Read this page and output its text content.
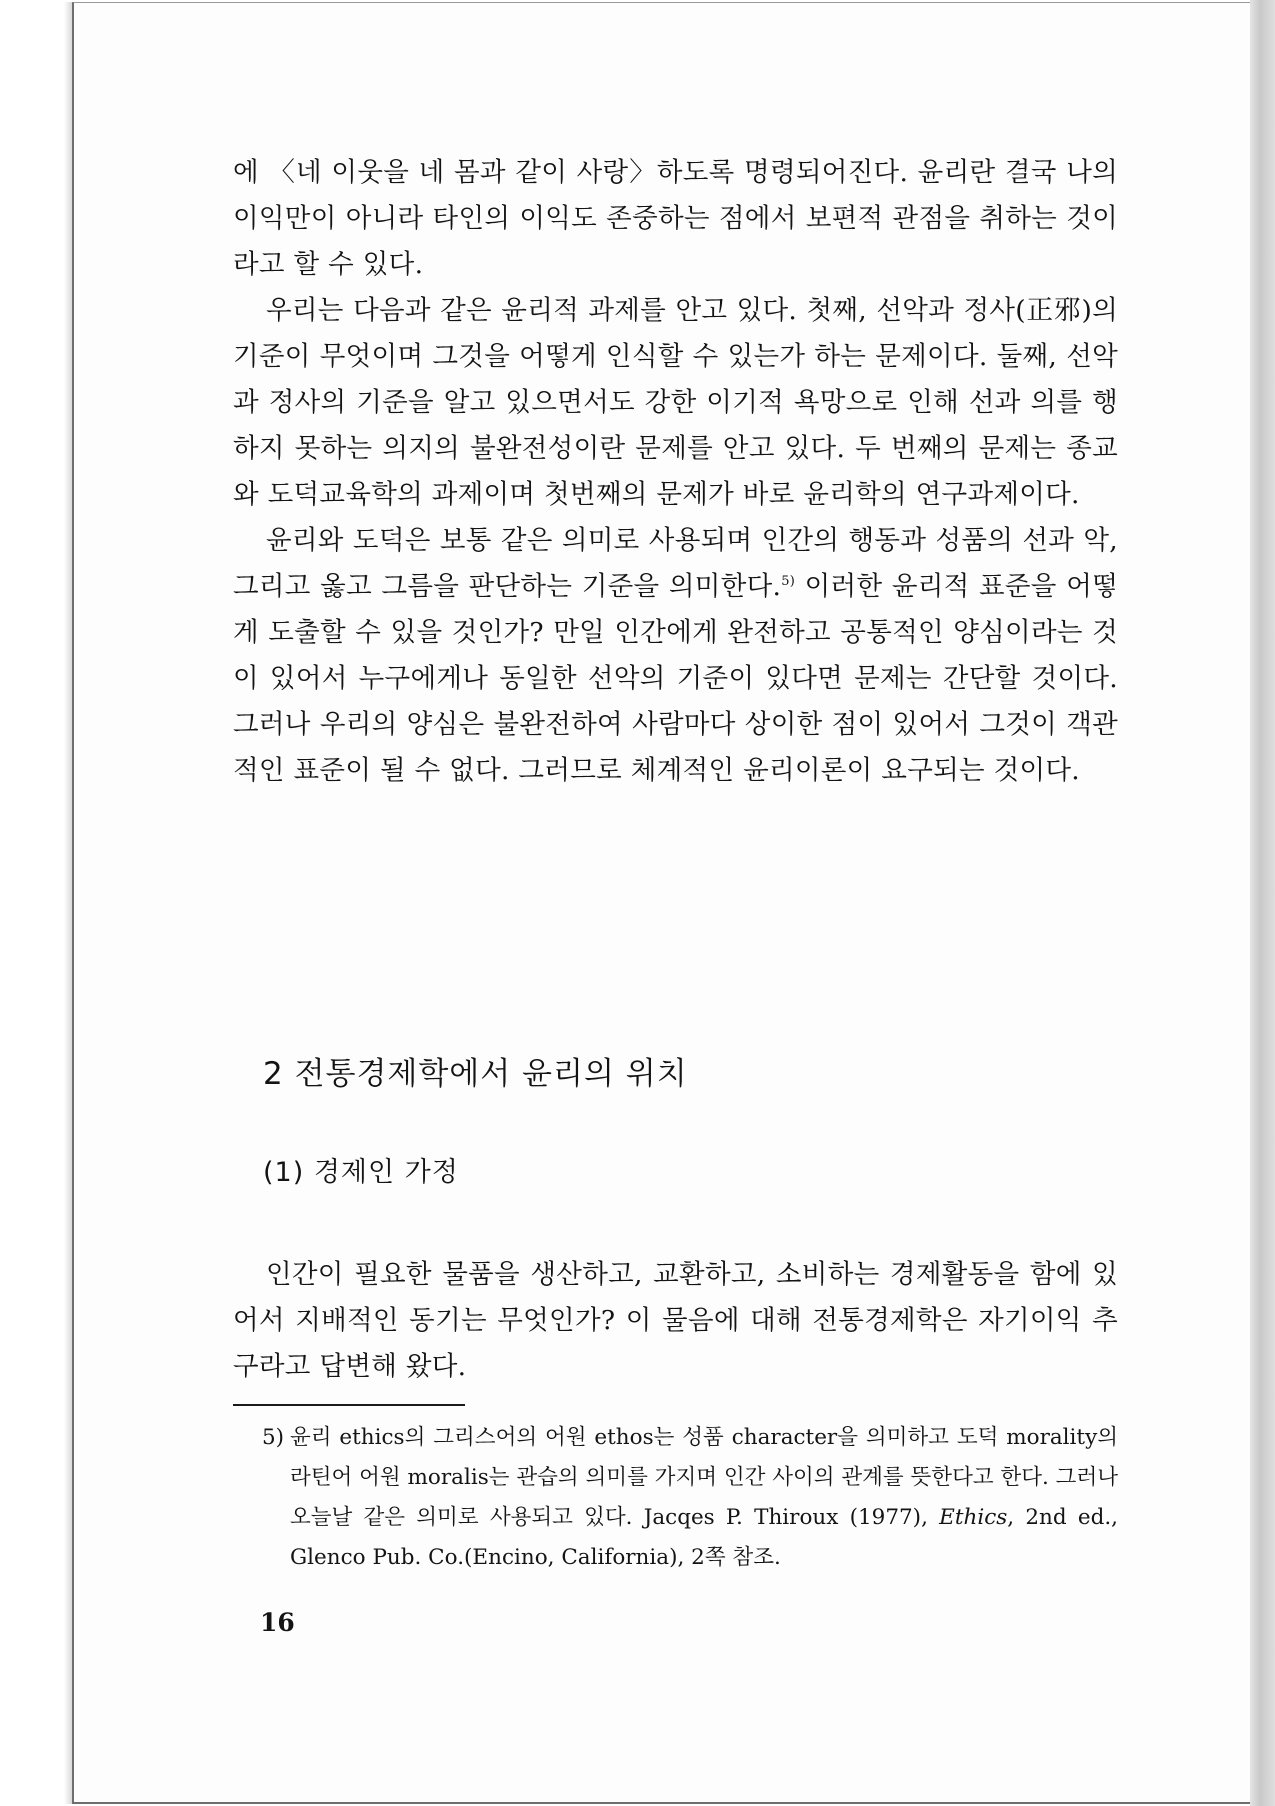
에 〈네 이웃을 네 몸과 같이 사랑〉하도록 명령되어진다. 윤리란 결국 나의 이익만이 아니라 타인의 이익도 존중하는 점에서 보편적 관점을 취하는 것이라고 할 수 있다.

우리는 다음과 같은 윤리적 과제를 안고 있다. 첫째, 선악과 정사(正邪)의 기준이 무엇이며 그것을 어떻게 인식할 수 있는가 하는 문제이다. 둘째, 선악과 정사의 기준을 알고 있으면서도 강한 이기적 욕망으로 인해 선과 의를 행하지 못하는 의지의 불완전성이란 문제를 안고 있다. 두 번째의 문제는 종교와 도덕교육학의 과제이며 첫번째의 문제가 바로 윤리학의 연구과제이다.

윤리와 도덕은 보통 같은 의미로 사용되며 인간의 행동과 성품의 선과 악, 그리고 옳고 그름을 판단하는 기준을 의미한다.$^{5)}$ 이러한 윤리적 표준을 어떻게 도출할 수 있을 것인가? 만일 인간에게 완전하고 공통적인 양심이라는 것이 있어서 누구에게나 동일한 선악의 기준이 있다면 문제는 간단할 것이다. 그러나 우리의 양심은 불완전하여 사람마다 상이한 점이 있어서 그것이 객관적인 표준이 될 수 없다. 그러므로 체계적인 윤리이론이 요구되는 것이다.

2 전통경제학에서 윤리의 위치
(1) 경제인 가정

인간이 필요한 물품을 생산하고, 교환하고, 소비하는 경제활동을 함에 있어서 지배적인 동기는 무엇인가? 이 물음에 대해 전통경제학은 자기이익 추구라고 답변해 왔다.

5) 윤리 ethics의 그리스어의 어원 ethos는 성품 character을 의미하고 도덕 morality의 라틴어 어원 moralis는 관습의 의미를 가지며 인간 사이의 관계를 뜻한다고 한다. 그러나 오늘날 같은 의미로 사용되고 있다. Jacqes P. Thiroux (1977), Ethics, 2nd ed., Glenco Pub. Co.(Encino, California), 2쪽 참조.
16
